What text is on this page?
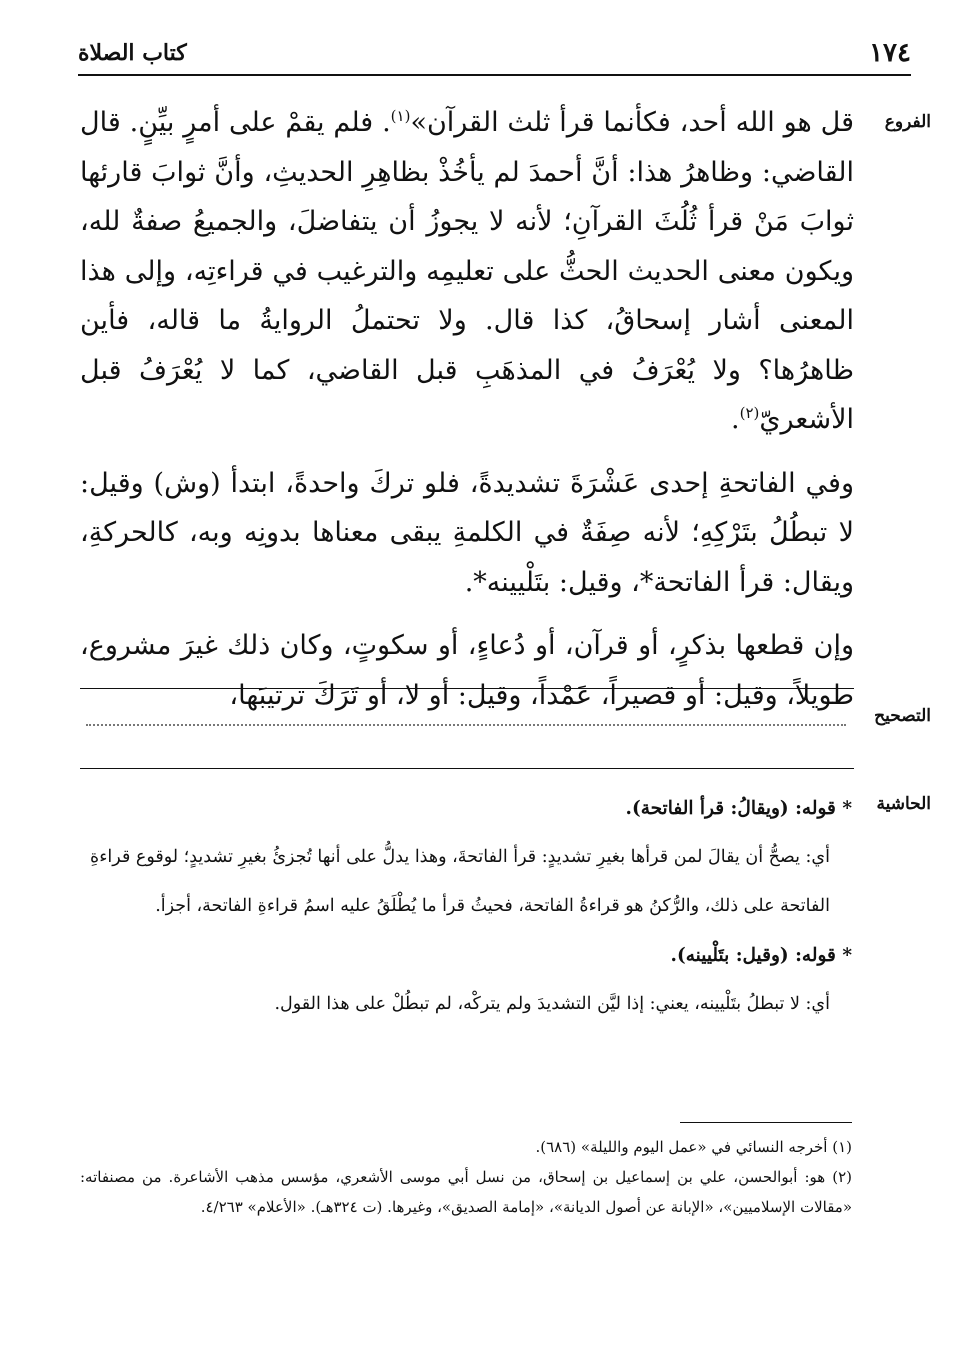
كتاب الصلاة	١٧٤
الفروع

قل هو الله أحد، فكأنما قرأ ثلث القرآن»$^{(١)}$. فلم يقمْ على أمرٍ بيِّنٍ. قال القاضي: وظاهرُ هذا: أنَّ أحمدَ لم يأخُذْ بظاهِرِ الحديثِ، وأنَّ ثوابَ قارئها ثوابَ مَنْ قرأ ثُلُثَ القرآنِ؛ لأنه لا يجوزُ أن يتفاضلَ، والجميعُ صفةٌ لله، ويكون معنى الحديث الحثُّ على تعليمِه والترغيب في قراءتِه، وإلى هذا المعنى أشار إسحاقُ، كذا قال. ولا تحتملُ الروايةُ ما قاله، فأين ظاهرُها؟ ولا يُعْرَفُ في المذهَبِ قبل القاضي، كما لا يُعْرَفُ قبل الأشعريّ$^{(٢)}$.

وفي الفاتحةِ إحدى عَشْرَةَ تشديدةً، فلو تركَ واحدةً، ابتدأ (وش) وقيل: لا تبطُلُ بتَرْكِهِ؛ لأنه صِفَةٌ في الكلمةِ يبقى معناها بدونِه وبه، كالحركةِ، ويقال: قرأ الفاتحة*، وقيل: بتَلْيينه*.

وإن قطعها بذكرٍ، أو قرآن، أو دُعاءٍ، أو سكوتٍ، وكان ذلك غيرَ مشروع، طويلاً، وقيل: أو قصيراً، عَمْداً، وقيل: أو لا، أو تَرَكَ ترتيبَها،

التصحيح
الحاشية
* قوله: (ويقالُ: قرأ الفاتحة).
أي: يصحُّ أن يقالَ لمن قرأها بغيرِ تشديدٍ: قرأ الفاتحةَ، وهذا يدلُّ على أنها تُجزئُ بغيرِ تشديدٍ؛ لوقوع قراءةِ الفاتحة على ذلك، والرُّكنُ هو قراءةُ الفاتحة، فحيثُ قرأ ما يُطْلَقُ عليه اسمُ قراءةِ الفاتحة، أجزأ.
* قوله: (وقيل: بتَلْيينه).
أي: لا تبطلُ بتَلْيينه، يعني: إذا ليَّن التشديدَ ولم يتركْه، لم تبطُلْ على هذا القول.

(١) أخرجه النسائي في «عمل اليوم والليلة» (٦٨٦).

(٢) هو: أبوالحسن، علي بن إسماعيل بن إسحاق، من نسل أبي موسى الأشعري، مؤسس مذهب الأشاعرة. من مصنفاته: «مقالات الإسلاميين»، «الإبانة عن أصول الديانة»، «إمامة الصديق»، وغيرها. (ت ٣٢٤هـ). «الأعلام» ٤/٢٦٣.
